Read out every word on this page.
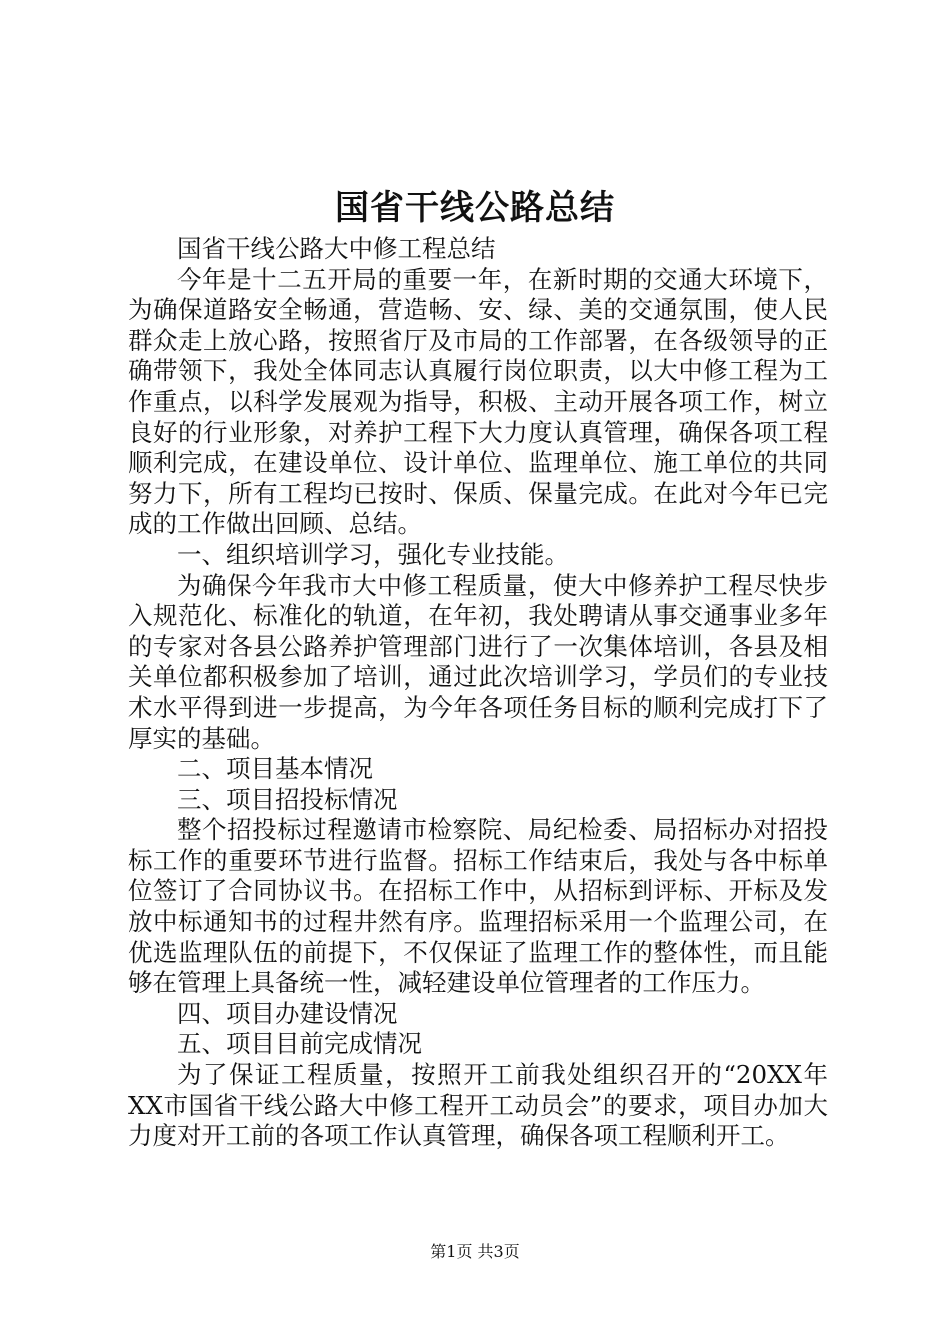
国省干线公路总结

国省干线公路大中修工程总结

今年是十二五开局的重要一年，在新时期的交通大环境下，为确保道路安全畅通，营造畅、安、绿、美的交通氛围，使人民群众走上放心路，按照省厅及市局的工作部署，在各级领导的正确带领下，我处全体同志认真履行岗位职责，以大中修工程为工作重点，以科学发展观为指导，积极、主动开展各项工作，树立良好的行业形象，对养护工程下大力度认真管理，确保各项工程顺利完成，在建设单位、设计单位、监理单位、施工单位的共同努力下，所有工程均已按时、保质、保量完成。在此对今年已完成的工作做出回顾、总结。

一、组织培训学习，强化专业技能。

为确保今年我市大中修工程质量，使大中修养护工程尽快步入规范化、标准化的轨道，在年初，我处聘请从事交通事业多年的专家对各县公路养护管理部门进行了一次集体培训，各县及相关单位都积极参加了培训，通过此次培训学习，学员们的专业技术水平得到进一步提高，为今年各项任务目标的顺利完成打下了厚实的基础。

二、项目基本情况

三、项目招投标情况

整个招投标过程邀请市检察院、局纪检委、局招标办对招投标工作的重要环节进行监督。招标工作结束后，我处与各中标单位签订了合同协议书。在招标工作中，从招标到评标、开标及发放中标通知书的过程井然有序。监理招标采用一个监理公司，在优选监理队伍的前提下，不仅保证了监理工作的整体性，而且能够在管理上具备统一性，减轻建设单位管理者的工作压力。

四、项目办建设情况

五、项目目前完成情况

为了保证工程质量，按照开工前我处组织召开的“20XX年XX市国省干线公路大中修工程开工动员会”的要求，项目办加大力度对开工前的各项工作认真管理，确保各项工程顺利开工。

第1页 共3页
